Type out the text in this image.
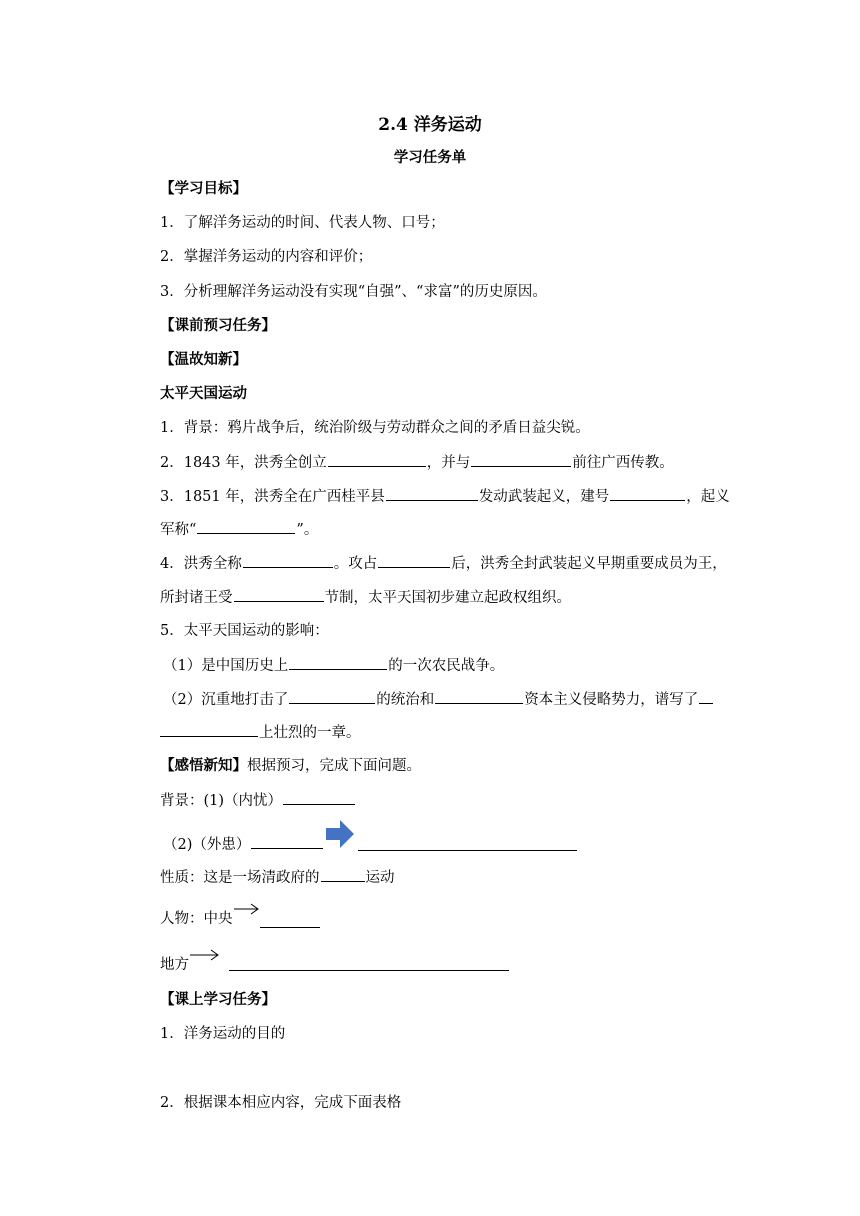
2.4 洋务运动
学习任务单
【学习目标】
1．了解洋务运动的时间、代表人物、口号；
2．掌握洋务运动的内容和评价；
3．分析理解洋务运动没有实现“自强”、“求富”的历史原因。
【课前预习任务】
【温故知新】
太平天国运动
1．背景：鸦片战争后，统治阶级与劳动群众之间的矛盾日益尖锐。
2．1843 年，洪秀全创立	，并与	前往广西传教。
3．1851 年，洪秀全在广西桂平县	发动武装起义，建号	，起义
军称“	”。
4．洪秀全称	。攻占	后，洪秀全封武装起义早期重要成员为王，
所封诸王受	节制，太平天国初步建立起政权组织。
5．太平天国运动的影响：
（1）是中国历史上	的一次农民战争。
（2）沉重地打击了	的统治和	资本主义侵略势力，谱写了
上壮烈的一章。
【感悟新知】根据预习，完成下面问题。
背景：(1)（内忧）
（2)（外患）
性质：这是一场清政府的	运动
人物：中央
地方
【课上学习任务】
1．洋务运动的目的
2．根据课本相应内容，完成下面表格
